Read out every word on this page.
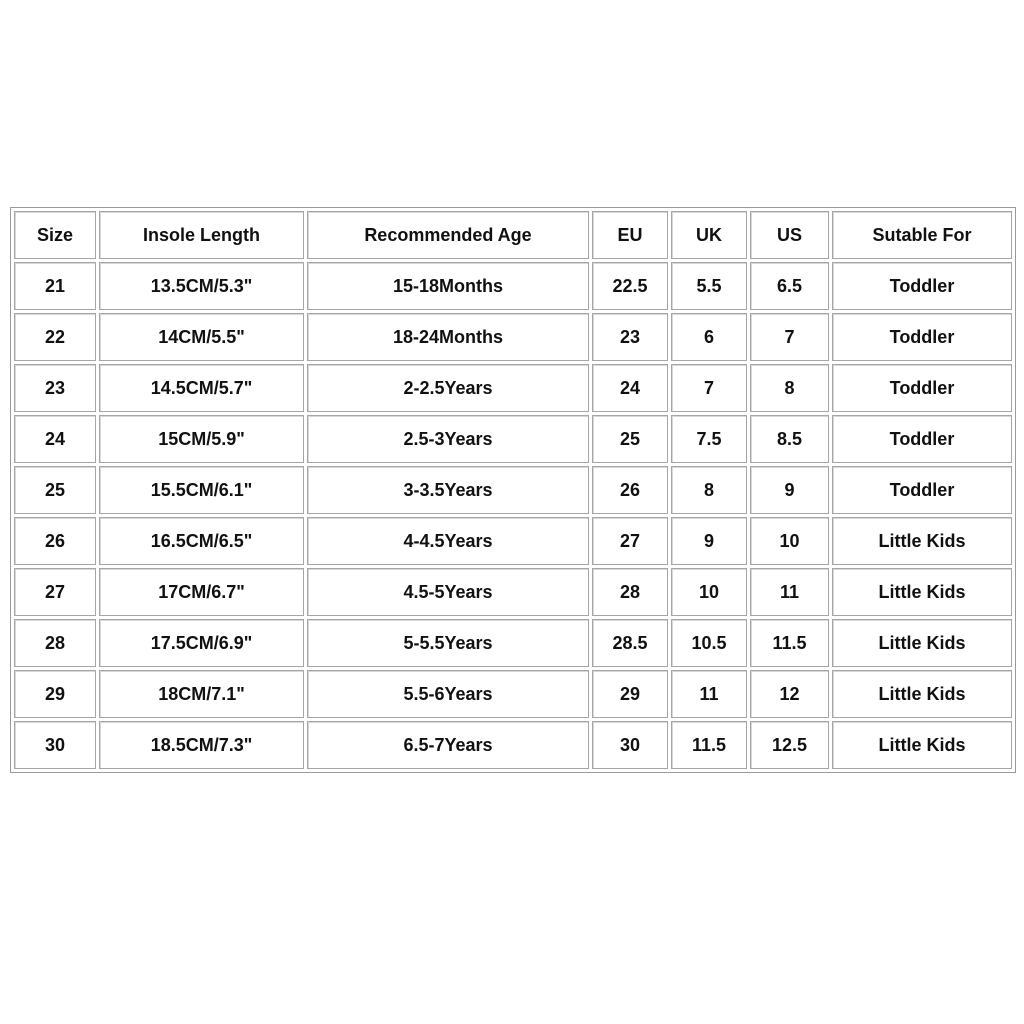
Size	Insole Length	Recommended Age	EU	UK	US	Sutable For
21	13.5CM/5.3"	15-18Months	22.5	5.5	6.5	Toddler
22	14CM/5.5"	18-24Months	23	6	7	Toddler
23	14.5CM/5.7"	2-2.5Years	24	7	8	Toddler
24	15CM/5.9"	2.5-3Years	25	7.5	8.5	Toddler
25	15.5CM/6.1"	3-3.5Years	26	8	9	Toddler
26	16.5CM/6.5"	4-4.5Years	27	9	10	Little Kids
27	17CM/6.7"	4.5-5Years	28	10	11	Little Kids
28	17.5CM/6.9"	5-5.5Years	28.5	10.5	11.5	Little Kids
29	18CM/7.1"	5.5-6Years	29	11	12	Little Kids
30	18.5CM/7.3"	6.5-7Years	30	11.5	12.5	Little Kids
